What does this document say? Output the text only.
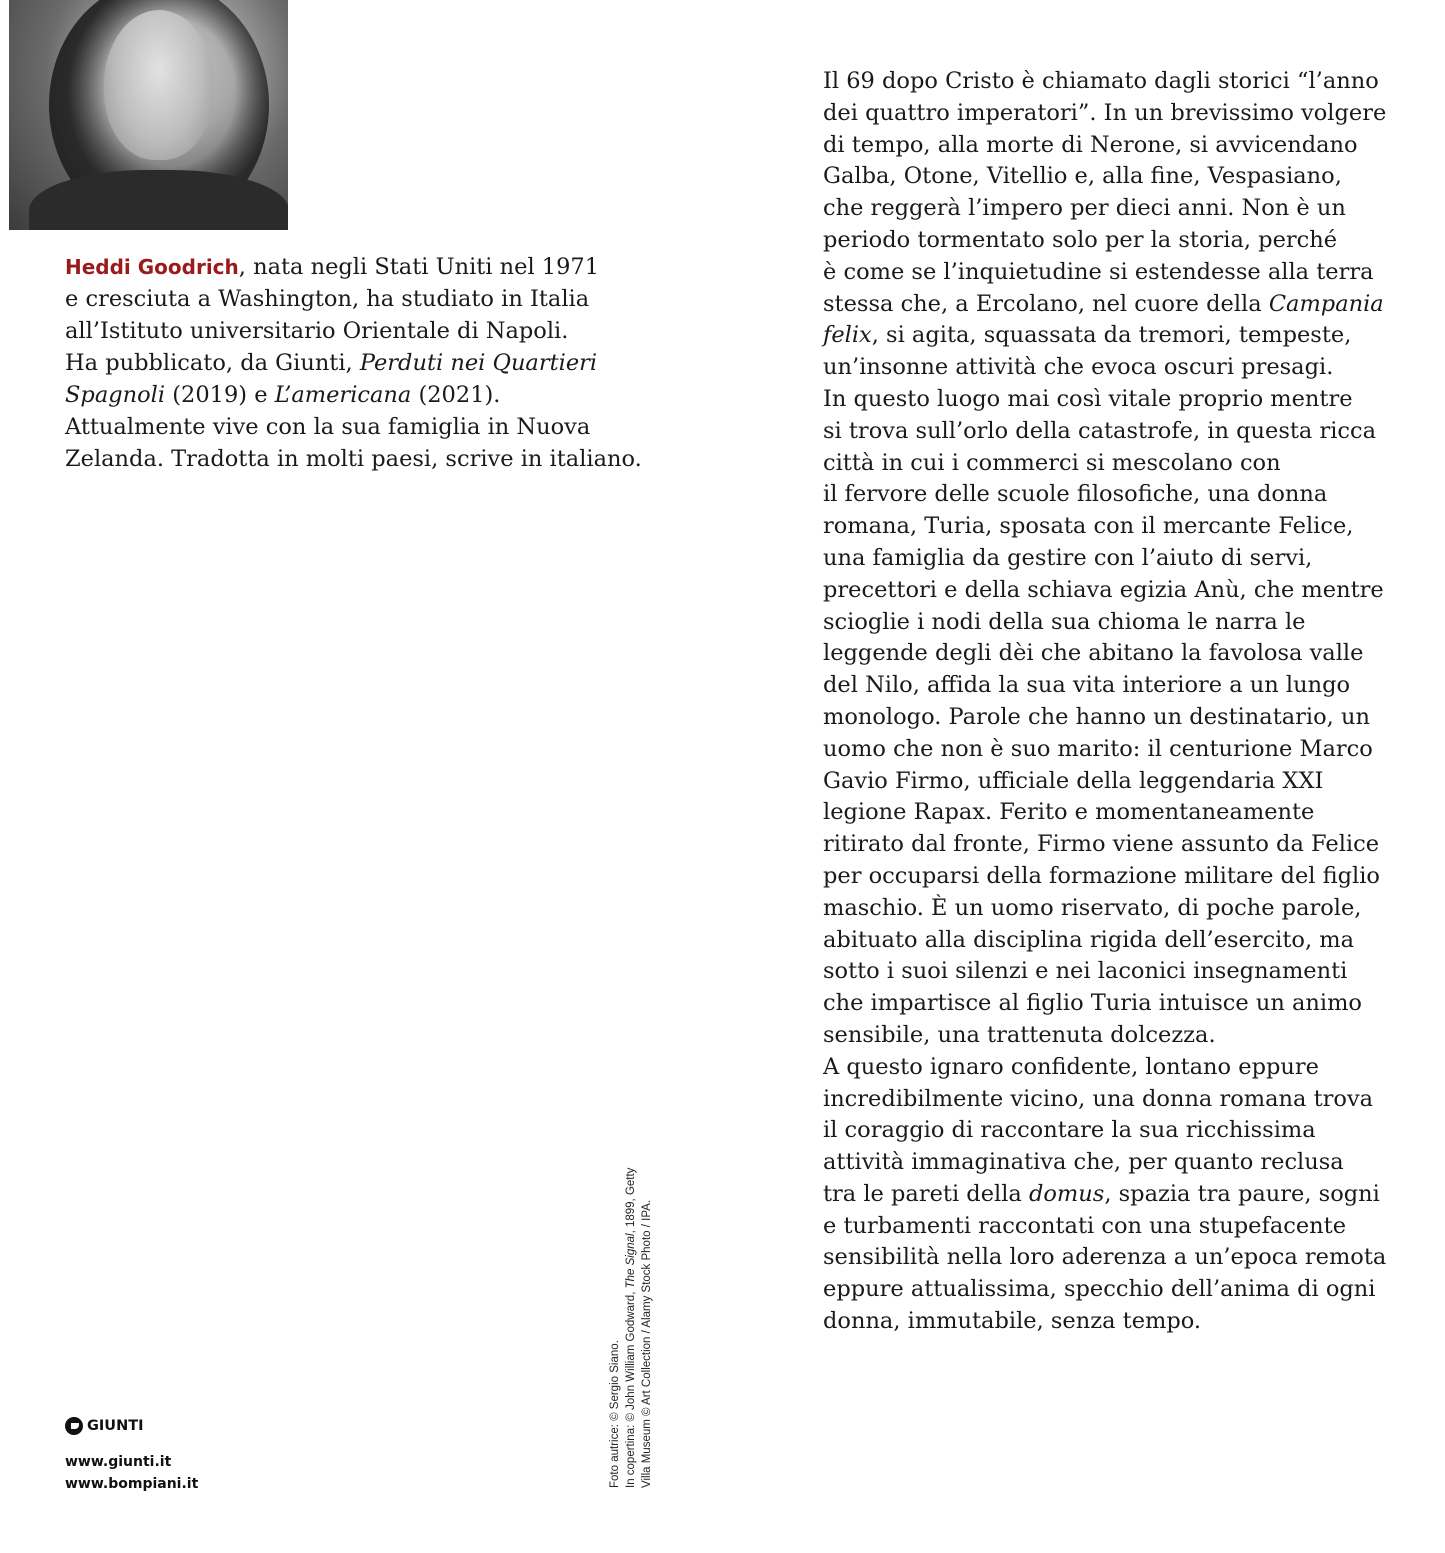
Heddi Goodrich, nata negli Stati Uniti nel 1971
e cresciuta a Washington, ha studiato in Italia
all’Istituto universitario Orientale di Napoli.
Ha pubblicato, da Giunti, Perduti nei Quartieri
Spagnoli (2019) e L’americana (2021).
Attualmente vive con la sua famiglia in Nuova
Zelanda. Tradotta in molti paesi, scrive in italiano.
Il 69 dopo Cristo è chiamato dagli storici “l’anno
dei quattro imperatori”. In un brevissimo volgere
di tempo, alla morte di Nerone, si avvicendano
Galba, Otone, Vitellio e, alla fine, Vespasiano,
che reggerà l’impero per dieci anni. Non è un
periodo tormentato solo per la storia, perché
è come se l’inquietudine si estendesse alla terra
stessa che, a Ercolano, nel cuore della Campania
felix, si agita, squassata da tremori, tempeste,
un’insonne attività che evoca oscuri presagi.
In questo luogo mai così vitale proprio mentre
si trova sull’orlo della catastrofe, in questa ricca
città in cui i commerci si mescolano con
il fervore delle scuole filosofiche, una donna
romana, Turia, sposata con il mercante Felice,
una famiglia da gestire con l’aiuto di servi,
precettori e della schiava egizia Anù, che mentre
scioglie i nodi della sua chioma le narra le
leggende degli dèi che abitano la favolosa valle
del Nilo, affida la sua vita interiore a un lungo
monologo. Parole che hanno un destinatario, un
uomo che non è suo marito: il centurione Marco
Gavio Firmo, ufficiale della leggendaria XXI
legione Rapax. Ferito e momentaneamente
ritirato dal fronte, Firmo viene assunto da Felice
per occuparsi della formazione militare del figlio
maschio. È un uomo riservato, di poche parole,
abituato alla disciplina rigida dell’esercito, ma
sotto i suoi silenzi e nei laconici insegnamenti
che impartisce al figlio Turia intuisce un animo
sensibile, una trattenuta dolcezza.
A questo ignaro confidente, lontano eppure
incredibilmente vicino, una donna romana trova
il coraggio di raccontare la sua ricchissima
attività immaginativa che, per quanto reclusa
tra le pareti della domus, spazia tra paure, sogni
e turbamenti raccontati con una stupefacente
sensibilità nella loro aderenza a un’epoca remota
eppure attualissima, specchio dell’anima di ogni
donna, immutabile, senza tempo.
Foto autrice: © Sergio Siano. In copertina: © John William Godward, The Signal, 1899, Getty Villa Museum © Art Collection / Alamy Stock Photo / IPA.
GIUNTI
www.giunti.it
www.bompiani.it
